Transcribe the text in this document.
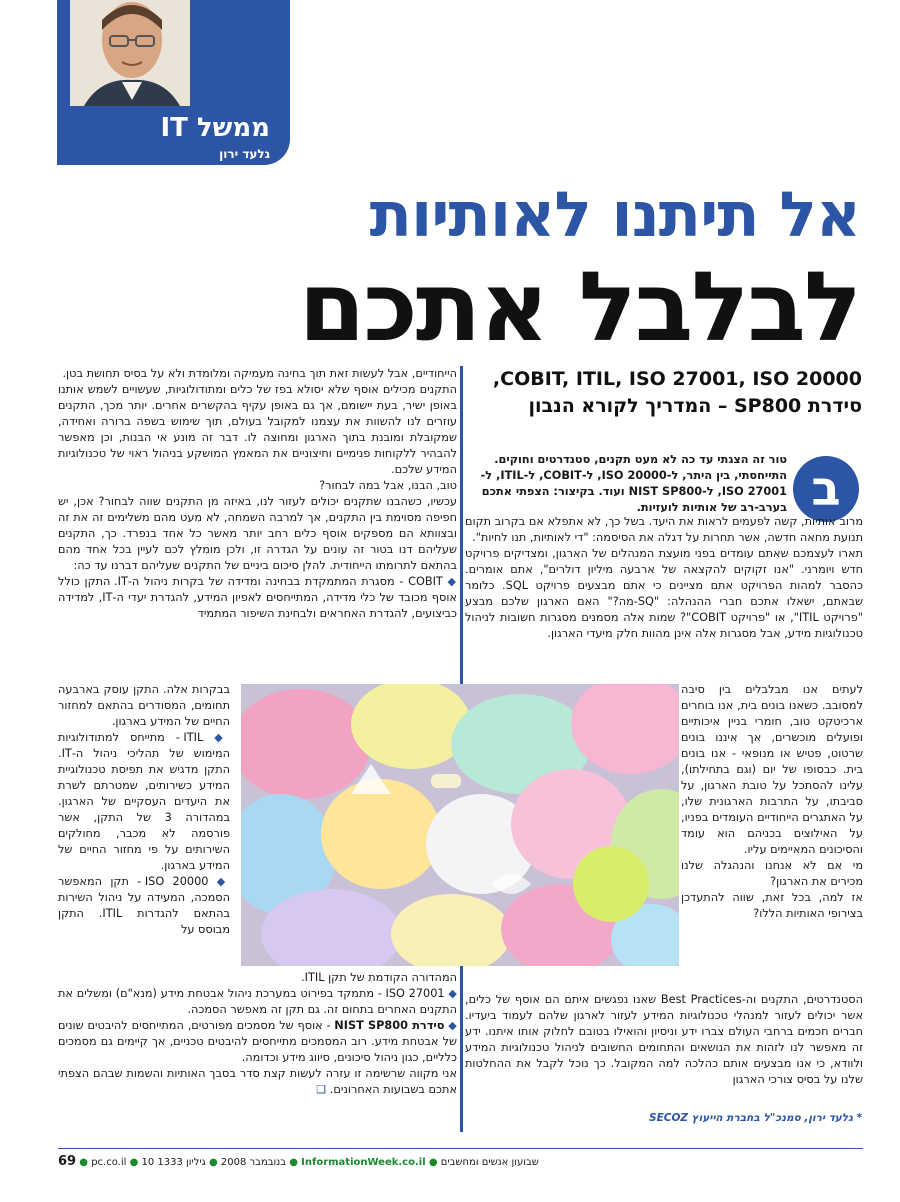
ממשל IT
גלעד ירון
אל תיתנו לאותיות
לבלבל אתכם
COBIT, ITIL, ISO 27001, ISO 20000, סידרת SP800 – המדריך לקורא הנבון
ב
טור זה הצגתי עד כה לא מעט תקנים, סטנדרטים וחוקים. התייחסתי, בין היתר, ל-ISO 20000, ל-COBIT, ל-ITIL, ל-ISO 27001, ל-NIST SP800 ועוד. בקיצור: הצפתי אתכם בערב-רב של אותיות לועזיות.
מרוב אותיות, קשה לפעמים לראות את היעד. בשל כך, לא אתפלא אם בקרוב תקום תנועת מחאה חדשה, אשר תחרות על דגלה את הסיסמה: "די לאותיות, תנו לחיות".
תארו לעצמכם שאתם עומדים בפני מועצת המנהלים של הארגון, ומצדיקים פרויקט חדש ויומרני. "אנו זקוקים להקצאה של ארבעה מיליון דולרים", אתם אומרים. כהסבר למהות הפרויקט אתם מציינים כי אתם מבצעים פרויקט SQL. כלומר שבאתם, ישאלו אתכם חברי ההנהלה: "SQ-מה?" האם הארגון שלכם מבצע "פרויקט ITIL", או "פרויקט COBIT"? שמות אלה מסמנים מסגרות חשובות לניהול טכנולוגיות מידע, אבל מסגרות אלה אינן מהוות חלק מיעדי הארגון.
הייחודיים, אבל לעשות זאת תוך בחינה מעמיקה ומלומדת ולא על בסיס תחושת בטן.
התקנים מכילים אוסף שלא יסולא בפז של כלים ומתודולוגיות, שעשויים לשמש אותנו באופן ישיר, בעת יישומם, אך גם באופן עקיף בהקשרים אחרים. יותר מכך, התקנים עוזרים לנו להשוות את עצמנו למקובל בעולם, תוך שימוש בשפה ברורה ואחידה, שמקובלת ומובנת בתוך הארגון ומחוצה לו. דבר זה מונע אי הבנות, וכן מאפשר להבהיר ללקוחות פנימיים וחיצוניים את המאמץ המושקע בניהול ראוי של טכנולוגיות המידע שלכם.
טוב, הבנו, אבל במה לבחור?
עכשיו, כשהבנו שתקנים יכולים לעזור לנו, באיזה מן התקנים שווה לבחור? אכן, יש חפיפה מסוימת בין התקנים, אך למרבה השמחה, לא מעט מהם משלימים זה את זה ובצוותא הם מספקים אוסף כלים רחב יותר מאשר כל אחד בנפרד. כך, התקנים שעליהם דנו בטור זה עונים על הגדרה זו, ולכן מומלץ לכם לעיין בכל אחד מהם בהתאם לתרומתו הייחודית. להלן סיכום ביניים של התקנים שעליהם דברנו עד כה:
◆ COBIT - מסגרת המתמקדת בבחינה ומדידה של בקרות ניהול ה-IT. התקן כולל אוסף מכובד של כלי מדידה, המתייחסים לאפיון המידע, להגדרת יעדי ה-IT, למדידה כביצועים, להגדרת האחראים ולבחינת השיפור המתמיד
בבקרות אלה. התקן עוסק בארבעה תחומים, המסודרים בהתאם למחזור החיים של המידע בארגון.
◆ ITIL - מתייחס למתודולוגיות המימוש של תהליכי ניהול ה-IT. התקן מדגיש את תפיסת טכנולוגיית המידע כשירותים, שמטרתם לשרת את היעדים העסקיים של הארגון. במהדורה 3 של התקן, אשר פורסמה לא מכבר, מחולקים השירותים על פי מחזור החיים של המידע בארגון.
◆ ISO 20000 - תקן המאפשר הסמכה, המעידה על ניהול השירות בהתאם להגדרות ITIL. התקן מבוסס על
לעתים אנו מבלבלים בין סיבה למסובב. כשאנו בונים בית, אנו בוחרים ארכיטקט טוב, חומרי בניין איכותיים ופועלים מוכשרים, אך איננו בונים שרטוט, פטיש או מנופאי - אנו בונים בית. כבסופו של יום (וגם בתחילתו), עלינו להסתכל על טובת הארגון, על סביבתו, על התרבות הארגונית שלו, על האתגרים הייחודיים העומדים בפניו, על האילוצים בכניהם הוא עומד והסיכונים המאיימים עליו.
מי אם לא אנחנו והנהגלה שלנו מכירים את הארגון?
אז למה, בכל זאת, שווה להתעדכן בצירופי האותיות הללו?
המהדורה הקודמת של תקן ITIL.
◆ ISO 27001 - מתמקד בפירוט במערכת ניהול אבטחת מידע (מנא"ם) ומשלים את התקנים האחרים בתחום זה. גם תקן זה מאפשר הסמכה.
◆ סידרת NIST SP800 - אוסף של מסמכים מפורטים, המתייחסים להיבטים שונים של אבטחת מידע. רוב המסמכים מתייחסים להיבטים טכניים, אך קיימים גם מסמכים כלליים, כגון ניהול סיכונים, סיווג מידע וכדומה.
אני מקווה שרשימה זו עזרה לעשות קצת סדר בסבך האותיות והשמות שבהם הצפתי אתכם בשבועות האחרונים. ❑
הסטנדרטים, התקנים וה-Best Practices שאנו נפגשים איתם הם אוסף של כלים, אשר יכולים לעזור למנהלי טכנולוגיות המידע לעזור לארגון שלהם לעמוד ביעדיו. חברים חכמים ברחבי העולם צברו ידע וניסיון והואילו בטובם לחלוק אותו איתנו. ידע זה מאפשר לנו לזהות את הנושאים והתחומים החשובים לניהול טכנולוגיות המידע ולוודא, כי אנו מבצעים אותם כהלכה למה המקובל. כך נוכל לקבל את ההחלטות שלנו על בסיס צורכי הארגון
* גלעד ירון, סמנכ"ל בחברת הייעוץ SECOZ
69 ● pc.co.il ● 10 בנובמבר 2008 ● גיליון 1333	● InformationWeek.co.il ● שבועון אנשים ומחשבים
